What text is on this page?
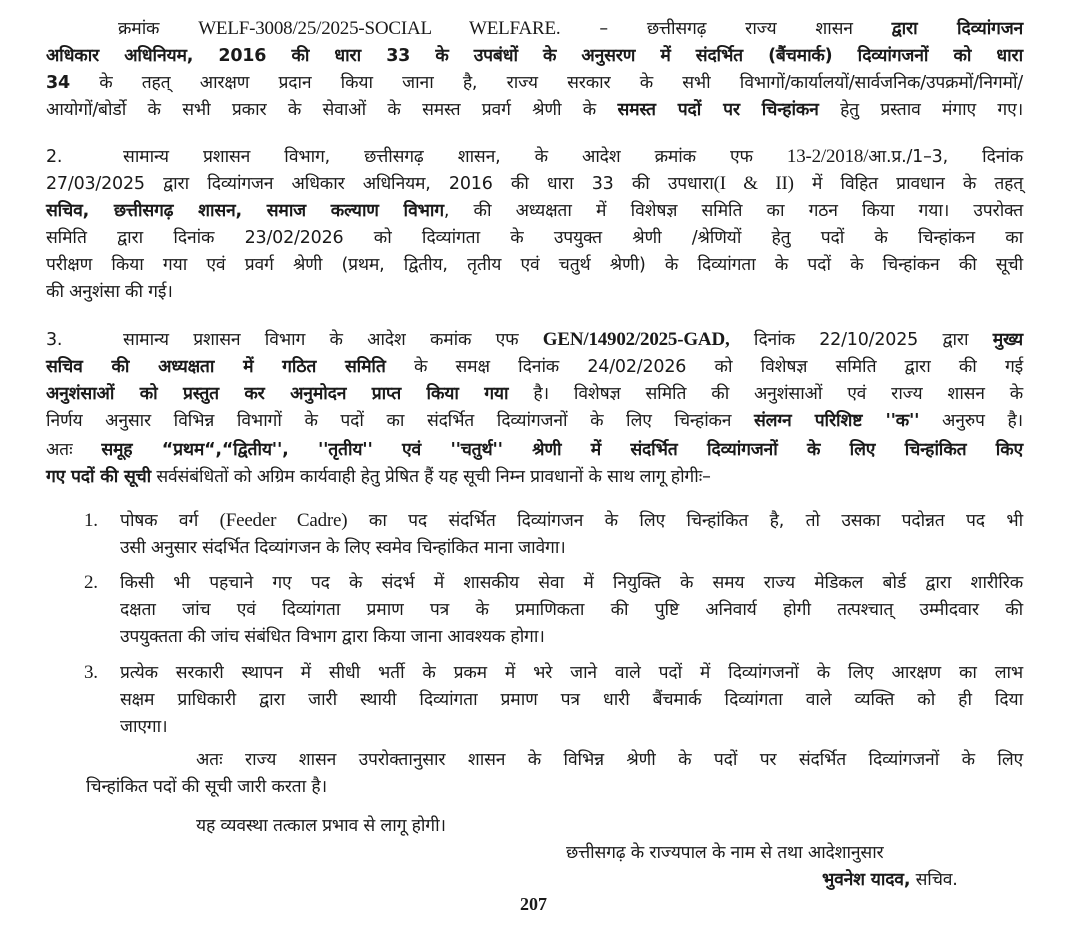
क्रमांक WELF-3008/25/2025-SOCIAL WELFARE. – छत्तीसगढ़ राज्य शासन द्वारा दिव्यांगजन
अधिकार अधिनियम, 2016 की धारा 33 के उपबंधों के अनुसरण में संदर्भित (बैंचमार्क) दिव्यांगजनों को धारा
34 के तहत् आरक्षण प्रदान किया जाना है, राज्य सरकार के सभी विभागों/कार्यालयों/सार्वजनिक/उपक्रमों/निगमों/
आयोगों/बोर्डो के सभी प्रकार के सेवाओं के समस्त प्रवर्ग श्रेणी के समस्त पदों पर चिन्हांकन हेतु प्रस्ताव मंगाए गए।
2.	सामान्य प्रशासन विभाग, छत्तीसगढ़ शासन, के आदेश क्रमांक एफ 13-2/2018/आ.प्र./1–3, दिनांक
27/03/2025 द्वारा दिव्यांगजन अधिकार अधिनियम, 2016 की धारा 33 की उपधारा(I & II) में विहित प्रावधान के तहत्
सचिव, छत्तीसगढ़ शासन, समाज कल्याण विभाग, की अध्यक्षता में विशेषज्ञ समिति का गठन किया गया। उपरोक्त
समिति द्वारा दिनांक 23/02/2026 को दिव्यांगता के उपयुक्त श्रेणी /श्रेणियों हेतु पदों के चिन्हांकन का
परीक्षण किया गया एवं प्रवर्ग श्रेणी (प्रथम, द्वितीय, तृतीय एवं चतुर्थ श्रेणी) के दिव्यांगता के पदों के चिन्हांकन की सूची
की अनुशंसा की गई।
3.	सामान्य प्रशासन विभाग के आदेश कमांक एफ GEN/14902/2025-GAD, दिनांक 22/10/2025 द्वारा मुख्य
सचिव की अध्यक्षता में गठित समिति के समक्ष दिनांक 24/02/2026 को विशेषज्ञ समिति द्वारा की गई
अनुशंसाओं को प्रस्तुत कर अनुमोदन प्राप्त किया गया है। विशेषज्ञ समिति की अनुशंसाओं एवं राज्य शासन के
निर्णय अनुसार विभिन्न विभागों के पदों का संदर्भित दिव्यांगजनों के लिए चिन्हांकन संलग्न परिशिष्ट ''क'' अनुरुप है।
अतः समूह “प्रथम“,“द्वितीय'', ''तृतीय'' एवं ''चतुर्थ'' श्रेणी में संदर्भित दिव्यांगजनों के लिए चिन्हांकित किए
गए पदों की सूची सर्वसंबंधितों को अग्रिम कार्यवाही हेतु प्रेषित हैं यह सूची निम्न प्रावधानों के साथ लागू होगीः–
1. पोषक वर्ग (Feeder Cadre) का पद संदर्भित दिव्यांगजन के लिए चिन्हांकित है, तो उसका पदोन्नत पद भी
उसी अनुसार संदर्भित दिव्यांगजन के लिए स्वमेव चिन्हांकित माना जावेगा।
2. किसी भी पहचाने गए पद के संदर्भ में शासकीय सेवा में नियुक्ति के समय राज्य मेडिकल बोर्ड द्वारा शारीरिक
दक्षता जांच एवं दिव्यांगता प्रमाण पत्र के प्रमाणिकता की पुष्टि अनिवार्य होगी तत्पश्चात् उम्मीदवार की
उपयुक्तता की जांच संबंधित विभाग द्वारा किया जाना आवश्यक होगा।
3. प्रत्येक सरकारी स्थापन में सीधी भर्ती के प्रकम में भरे जाने वाले पदों में दिव्यांगजनों के लिए आरक्षण का लाभ
सक्षम प्राधिकारी द्वारा जारी स्थायी दिव्यांगता प्रमाण पत्र धारी बैंचमार्क दिव्यांगता वाले व्यक्ति को ही दिया
जाएगा।
अतः राज्य शासन उपरोक्तानुसार शासन के विभिन्न श्रेणी के पदों पर संदर्भित दिव्यांगजनों के लिए
चिन्हांकित पदों की सूची जारी करता है।
यह व्यवस्था तत्काल प्रभाव से लागू होगी।
छत्तीसगढ़ के राज्यपाल के नाम से तथा आदेशानुसार
भुवनेश यादव, सचिव.
207
